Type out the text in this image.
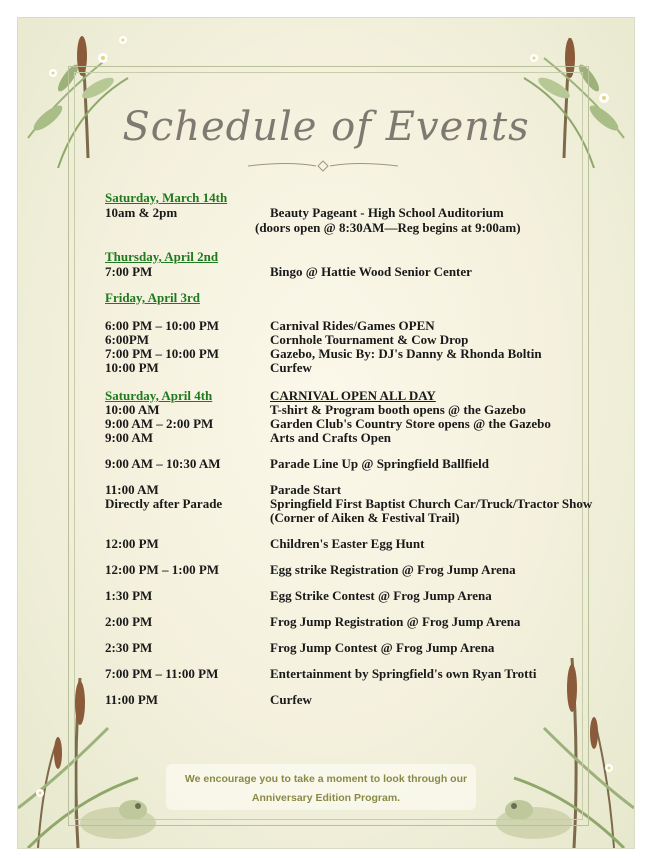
Schedule of Events
Saturday, March 14th
10am & 2pm	Beauty Pageant - High School Auditorium
(doors open @ 8:30AM—Reg begins at 9:00am)
Thursday, April 2nd
7:00 PM	Bingo @ Hattie Wood Senior Center
Friday, April 3rd
6:00 PM – 10:00 PM	Carnival Rides/Games OPEN
6:00PM	Cornhole Tournament & Cow Drop
7:00 PM – 10:00 PM	Gazebo, Music By: DJ's Danny & Rhonda Boltin
10:00 PM	Curfew
Saturday, April 4th	CARNIVAL OPEN ALL DAY
10:00 AM	T-shirt & Program booth opens @ the Gazebo
9:00 AM – 2:00 PM	Garden Club's Country Store opens @ the Gazebo
9:00 AM	Arts and Crafts Open
9:00 AM – 10:30 AM	Parade Line Up @ Springfield Ballfield
11:00 AM	Parade Start
Directly after Parade	Springfield First Baptist Church Car/Truck/Tractor Show
(Corner of Aiken & Festival Trail)
12:00 PM	Children's Easter Egg Hunt
12:00 PM – 1:00 PM	Egg strike Registration @ Frog Jump Arena
1:30 PM	Egg Strike Contest @ Frog Jump Arena
2:00 PM	Frog Jump Registration @ Frog Jump Arena
2:30 PM	Frog Jump Contest @ Frog Jump Arena
7:00 PM – 11:00 PM	Entertainment by Springfield's own Ryan Trotti
11:00 PM	Curfew
We encourage you to take a moment to look through our
Anniversary Edition Program.
